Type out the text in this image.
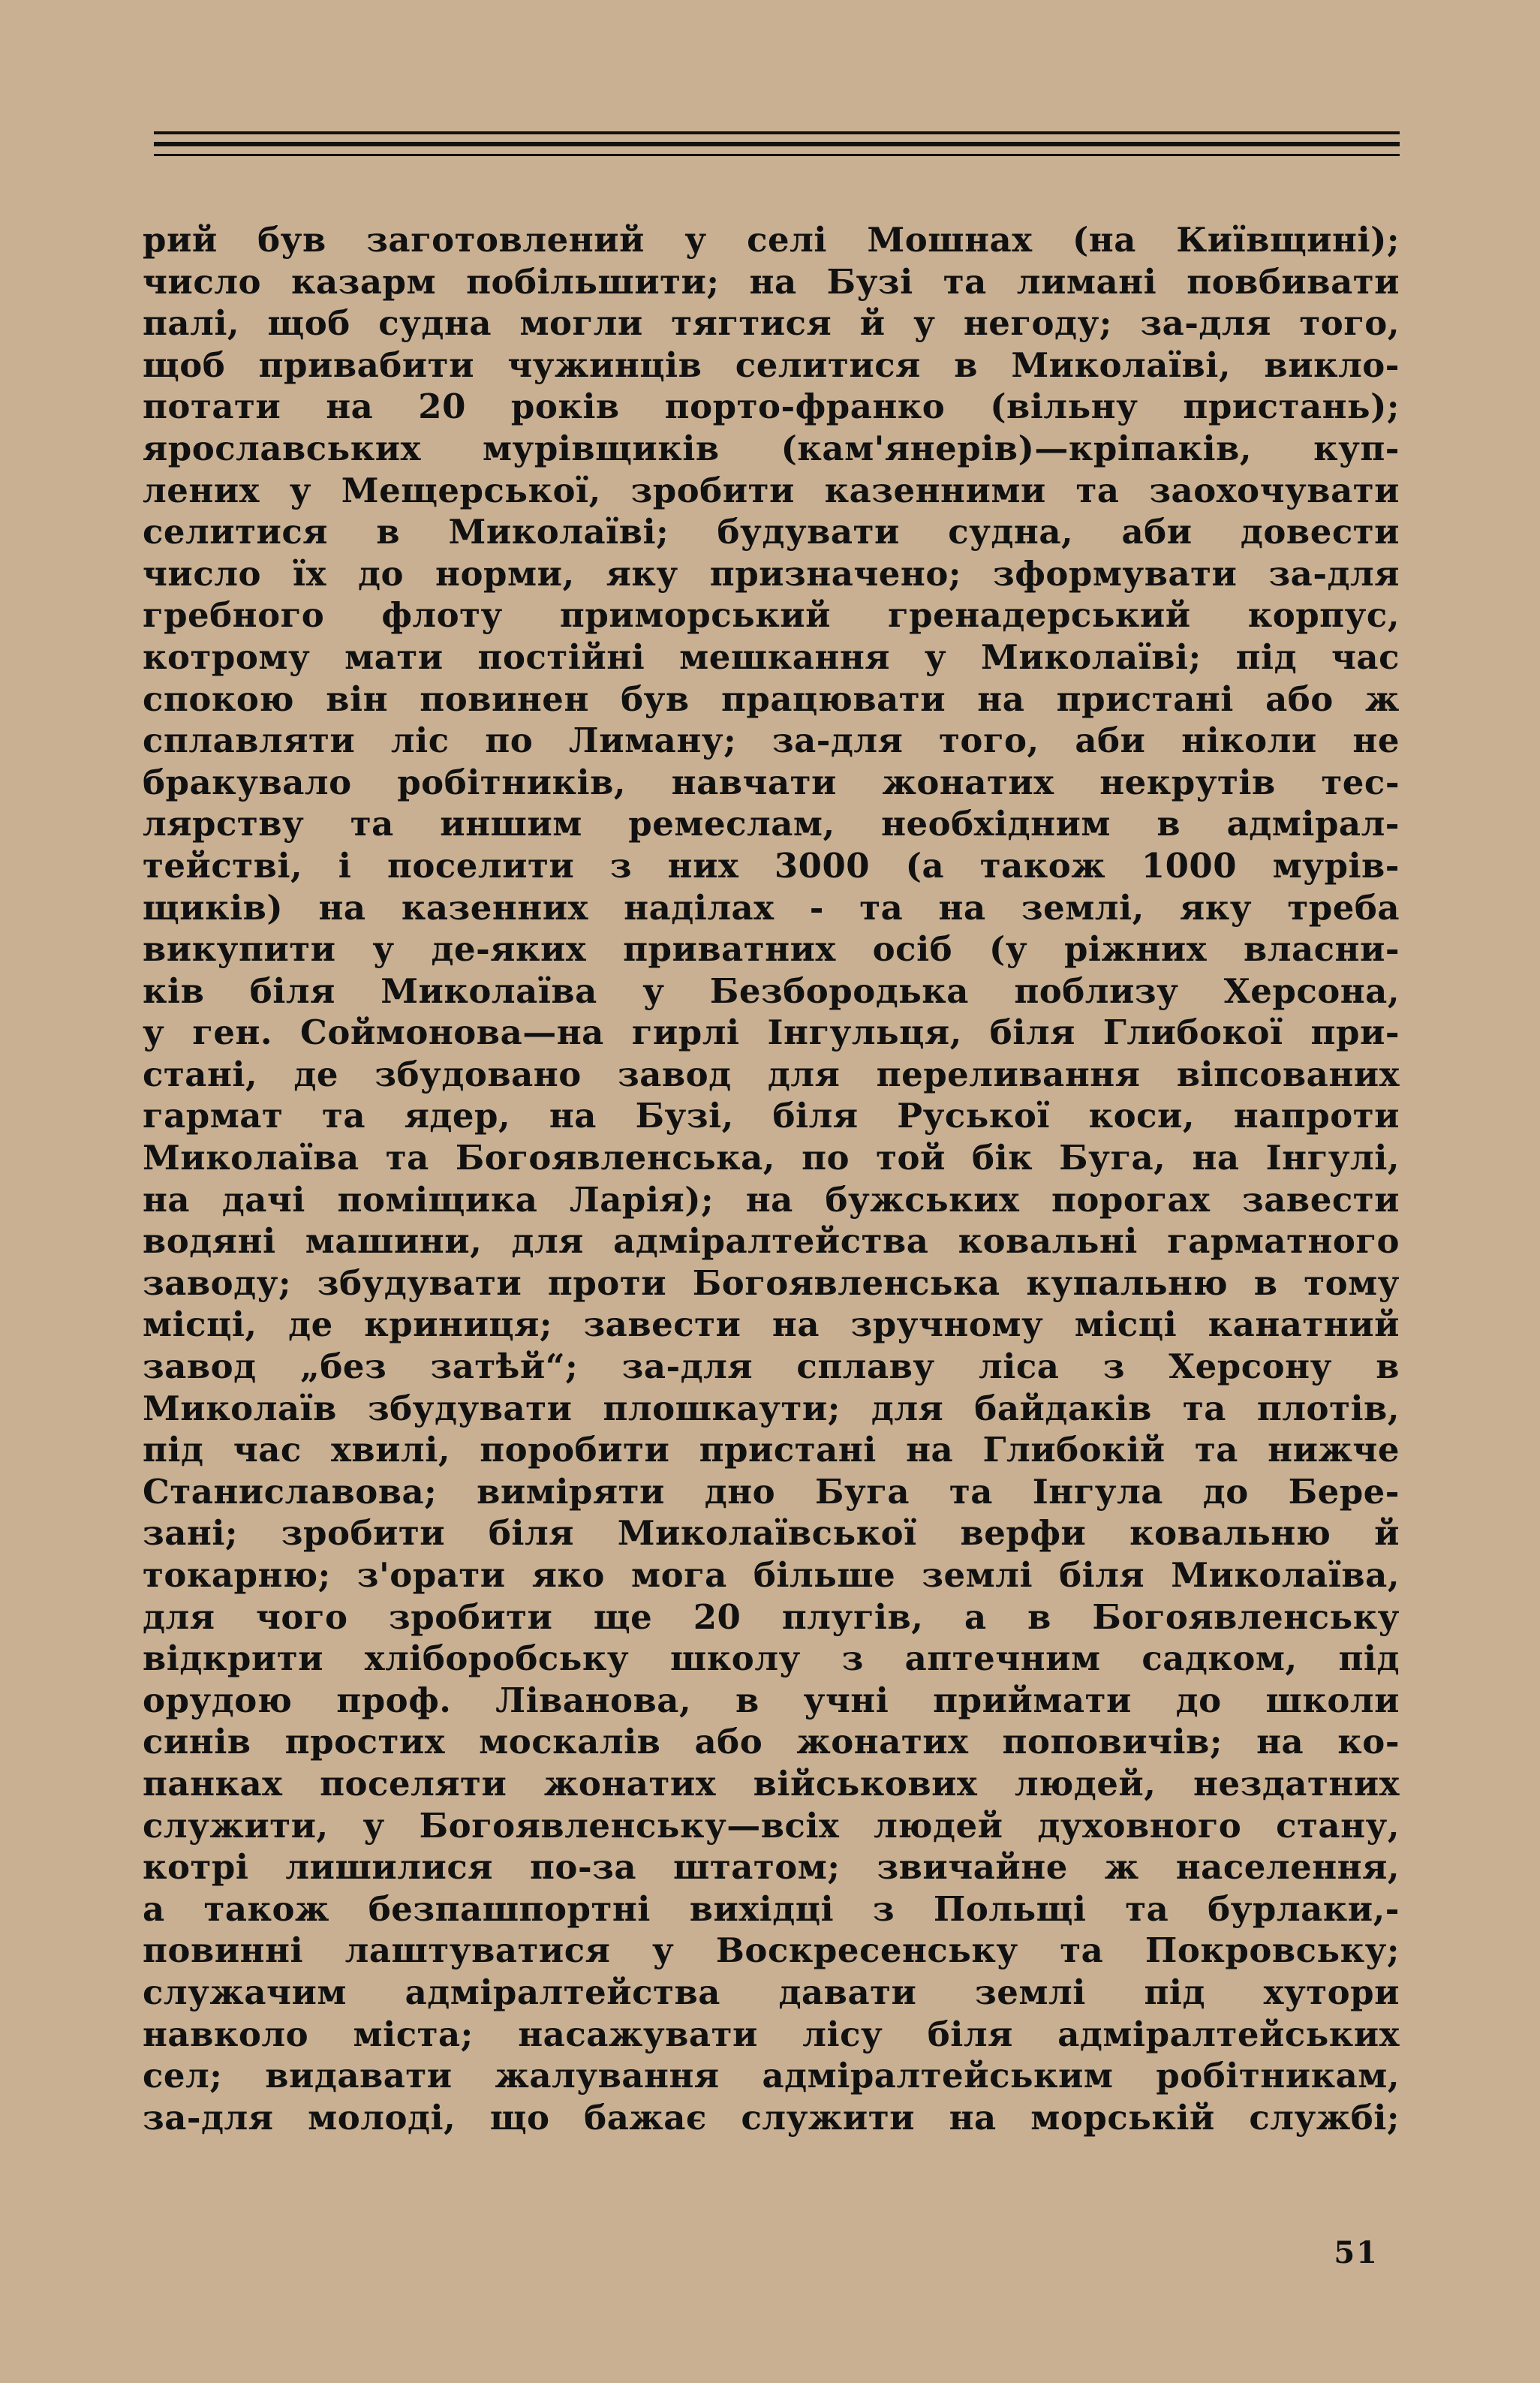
рий був заготовлений у селі Мошнах (на Київщині);
число казарм побільшити; на Бузі та лимані повбивати
палі, щоб судна могли тягтися й у негоду; за-для того,
щоб привабити чужинців селитися в Миколаїві, викло-
потати на 20 років порто-франко (вільну пристань);
ярославських мурівщиків (кам'янерів)—кріпаків, куп-
лених у Мещерської, зробити казенними та заохочувати
селитися в Миколаїві; будувати судна, аби довести
число їх до норми, яку призначено; зформувати за-для
гребного флоту приморський гренадерський корпус,
котрому мати постійні мешкання у Миколаїві; під час
спокою він повинен був працювати на пристані або ж
сплавляти ліс по Лиману; за-для того, аби ніколи не
бракувало робітників, навчати жонатих некрутів тес-
лярству та иншим ремеслам, необхідним в адмірал-
тействі, і поселити з них 3000 (а також 1000 мурів-
щиків) на казенних наділах - та на землі, яку треба
викупити у де-яких приватних осіб (у ріжних власни-
ків біля Миколаїва у Безбородька поблизу Херсона,
у ген. Соймонова—на гирлі Інгульця, біля Глибокої при-
стані, де збудовано завод для переливання віпсованих
гармат та ядер, на Бузі, біля Руської коси, напроти
Миколаїва та Богоявленська, по той бік Буга, на Інгулі,
на дачі поміщика Ларія); на бужських порогах завести
водяні машини, для адміралтейства ковальні гарматного
заводу; збудувати проти Богоявленська купальню в тому
місці, де криниця; завести на зручному місці канатний
завод „без затѣй“; за-для сплаву ліса з Херсону в
Миколаїв збудувати плошкаути; для байдаків та плотів,
під час хвилі, поробити пристані на Глибокій та нижче
Станиславова; виміряти дно Буга та Інгула до Бере-
зані; зробити біля Миколаївської верфи ковальню й
токарню; з'орати яко мога більше землі біля Миколаїва,
для чого зробити ще 20 плугів, а в Богоявленську
відкрити хліборобську школу з аптечним садком, під
орудою проф. Ліванова, в учні приймати до школи
синів простих москалів або жонатих поповичів; на ко-
панках поселяти жонатих військових людей, нездатних
служити, у Богоявленську—всіх людей духовного стану,
котрі лишилися по-за штатом; звичайне ж населення,
а також безпашпортні вихідці з Польщі та бурлаки,-
повинні лаштуватися у Воскресенську та Покровську;
служачим адміралтейства давати землі під хутори
навколо міста; насажувати лісу біля адміралтейських
сел; видавати жалування адміралтейським робітникам,
за-для молоді, що бажає служити на морській службі;
51
